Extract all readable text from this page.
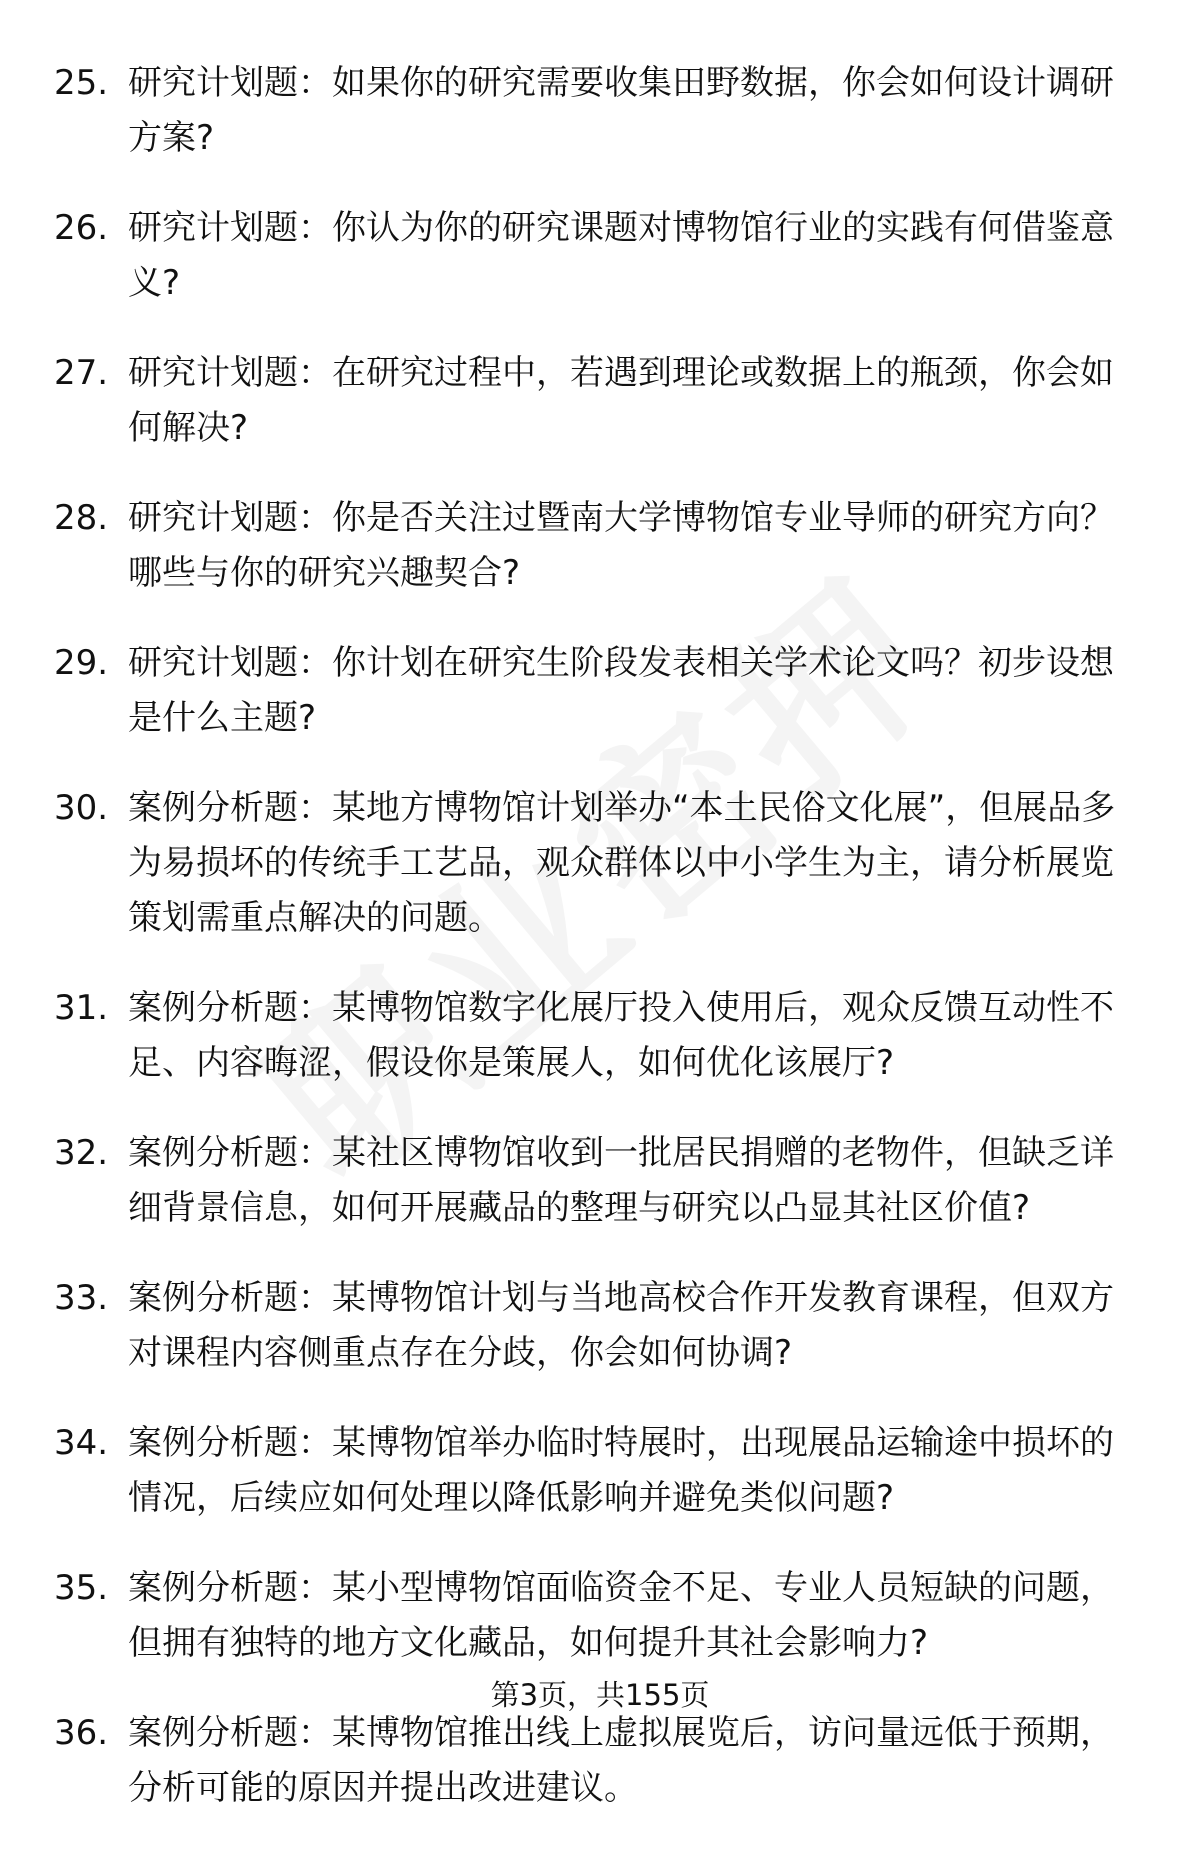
25. 研究计划题：如果你的研究需要收集田野数据，你会如何设计调研方案?
26. 研究计划题：你认为你的研究课题对博物馆行业的实践有何借鉴意义?
27. 研究计划题：在研究过程中，若遇到理论或数据上的瓶颈，你会如何解决?
28. 研究计划题：你是否关注过暨南大学博物馆专业导师的研究方向？哪些与你的研究兴趣契合?
29. 研究计划题：你计划在研究生阶段发表相关学术论文吗？初步设想是什么主题?
30. 案例分析题：某地方博物馆计划举办“本土民俗文化展”，但展品多为易损坏的传统手工艺品，观众群体以中小学生为主，请分析展览策划需重点解决的问题。
31. 案例分析题：某博物馆数字化展厅投入使用后，观众反馈互动性不足、内容晦涩，假设你是策展人，如何优化该展厅?
32. 案例分析题：某社区博物馆收到一批居民捐赠的老物件，但缺乏详细背景信息，如何开展藏品的整理与研究以凸显其社区价值?
33. 案例分析题：某博物馆计划与当地高校合作开发教育课程，但双方对课程内容侧重点存在分歧，你会如何协调?
34. 案例分析题：某博物馆举办临时特展时，出现展品运输途中损坏的情况，后续应如何处理以降低影响并避免类似问题?
35. 案例分析题：某小型博物馆面临资金不足、专业人员短缺的问题，但拥有独特的地方文化藏品，如何提升其社会影响力?
36. 案例分析题：某博物馆推出线上虚拟展览后，访问量远低于预期，分析可能的原因并提出改进建议。
第3页，共155页
